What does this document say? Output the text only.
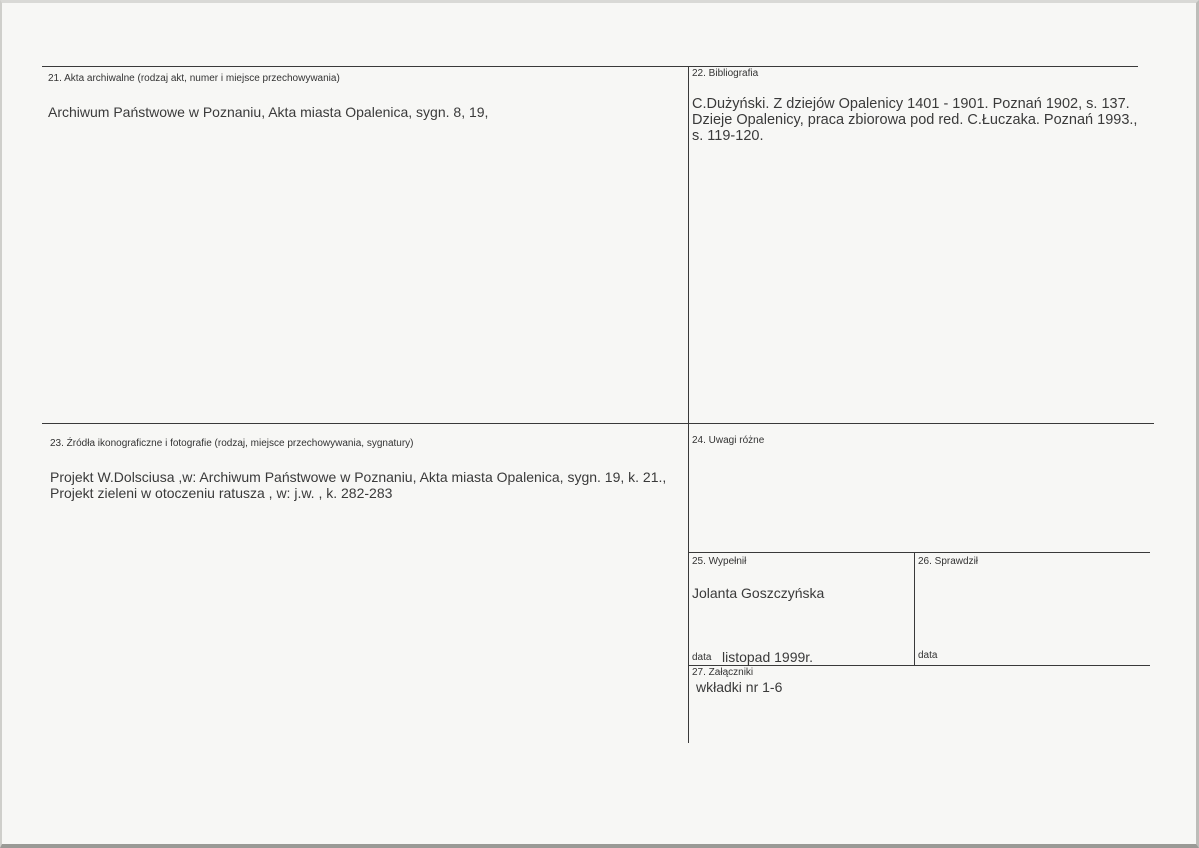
21. Akta archiwalne (rodzaj akt, numer i miejsce przechowywania)
Archiwum Państwowe w Poznaniu, Akta miasta Opalenica, sygn. 8, 19,
22. Bibliografia
C.Dużyński. Z dziejów Opalenicy 1401 - 1901. Poznań 1902, s. 137.
Dzieje Opalenicy, praca zbiorowa pod red. C.Łuczaka. Poznań 1993.,
s. 119-120.
23. Źródła ikonograficzne i fotografie (rodzaj, miejsce przechowywania, sygnatury)
Projekt W.Dolsciusa ,w: Archiwum Państwowe w Poznaniu, Akta miasta Opalenica, sygn. 19, k. 21.,
Projekt zieleni w otoczeniu ratusza , w: j.w. , k. 282-283
24. Uwagi różne
25. Wypełnił
Jolanta Goszczyńska
data listopad 1999r.
26. Sprawdził
data
27. Załączniki
wkładki nr 1-6
